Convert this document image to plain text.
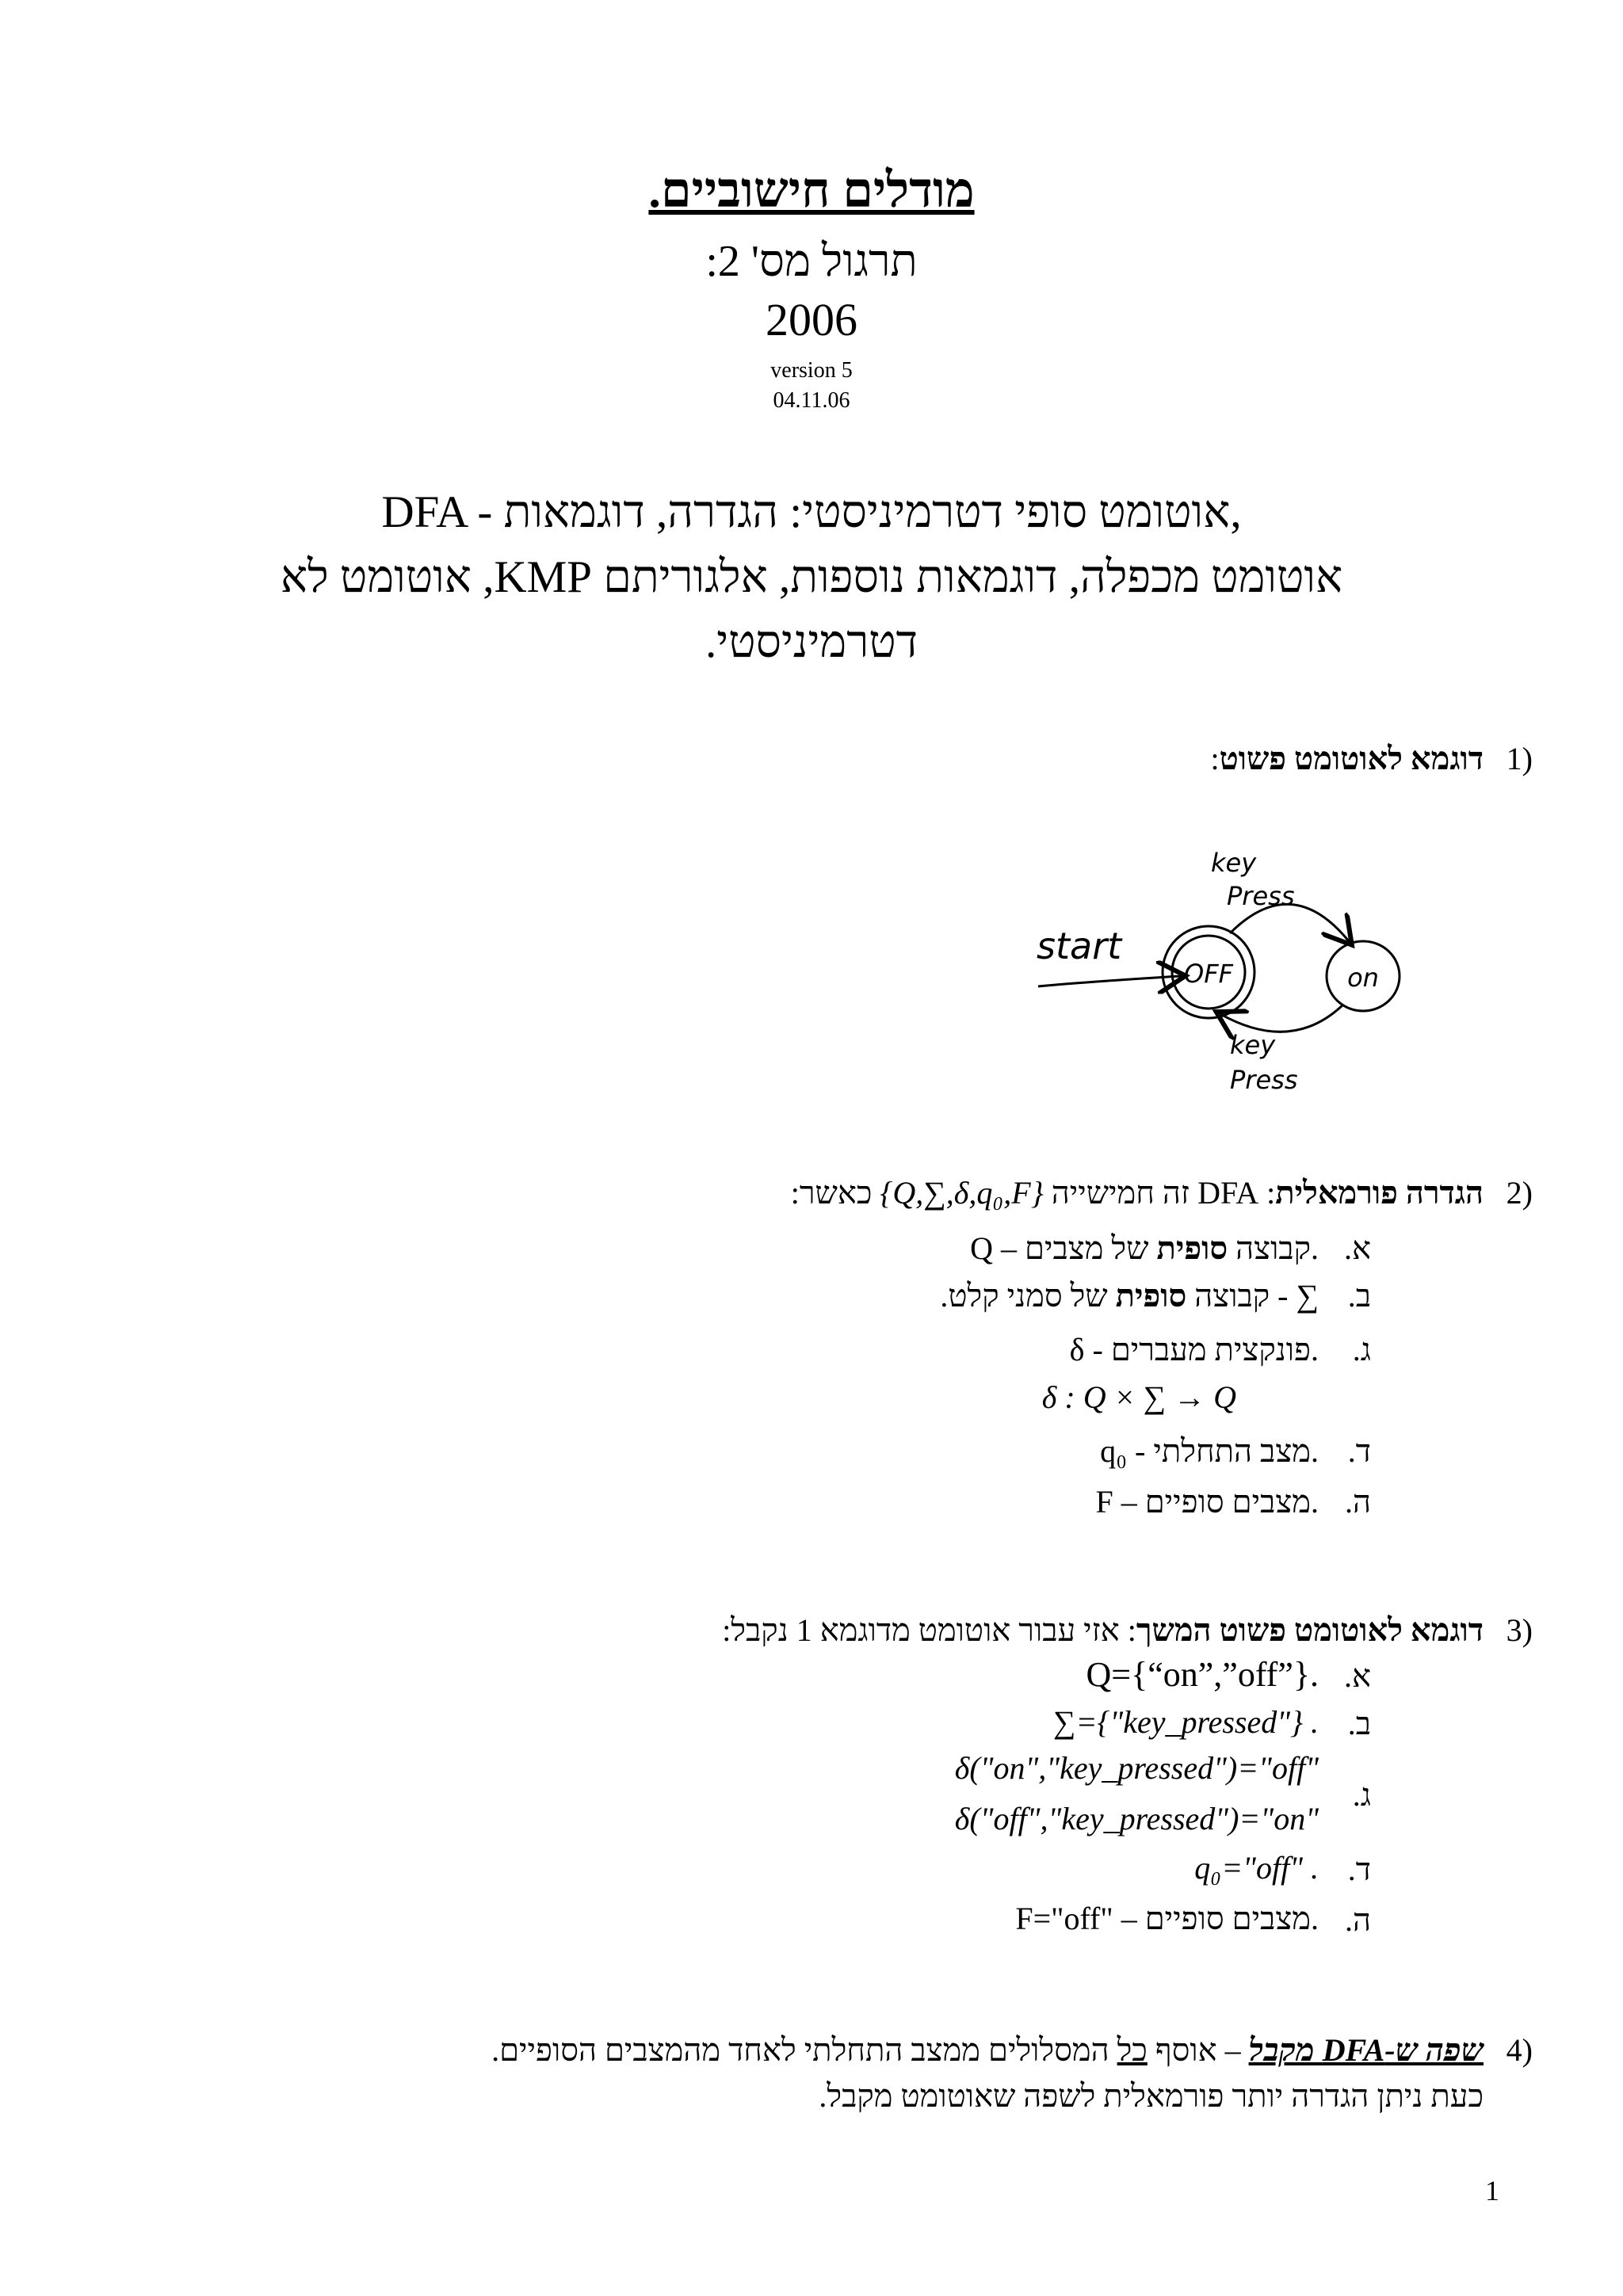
מודלים חישוביים.
תרגול מס' 2:
2006
version 5
04.11.06
DFA - אוטומט סופי דטרמיניסטי: הגדרה, דוגמאות,
אוטומט מכפלה, דוגמאות נוספות, אלגוריתם KMP, אוטומט לא
דטרמיניסטי.
1)
דוגמא לאוטומט פשוט:
start
OFF	on
key
Press
key
Press
2)
הגדרה פורמאלית: DFA זה חמישייה {Q,∑,δ,q₀,F} כאשר:
א.
Q – קבוצה סופית של מצבים.
ב.
∑ - קבוצה סופית של סמני קלט.
ג.
δ - פונקצית מעברים.
δ : Q × ∑ → Q
ד.
q₀ - מצב התחלתי.
ה.
F – מצבים סופיים.
3)
דוגמא לאוטומט פשוט המשך: אזי עבור אוטומט מדוגמא 1 נקבל:
א.
Q={“on”,”off”}.
ב.
∑={"key_pressed"} .
ג.
δ("on","key_pressed")="off"
δ("off","key_pressed")="on"
ד.
q₀="off" .
ה.
F="off" – מצבים סופיים.
4)
שפה ש-DFA מקבל – אוסף כל המסלולים ממצב התחלתי לאחד מהמצבים הסופיים.
כעת ניתן הגדרה יותר פורמאלית לשפה שאוטומט מקבל.
1
